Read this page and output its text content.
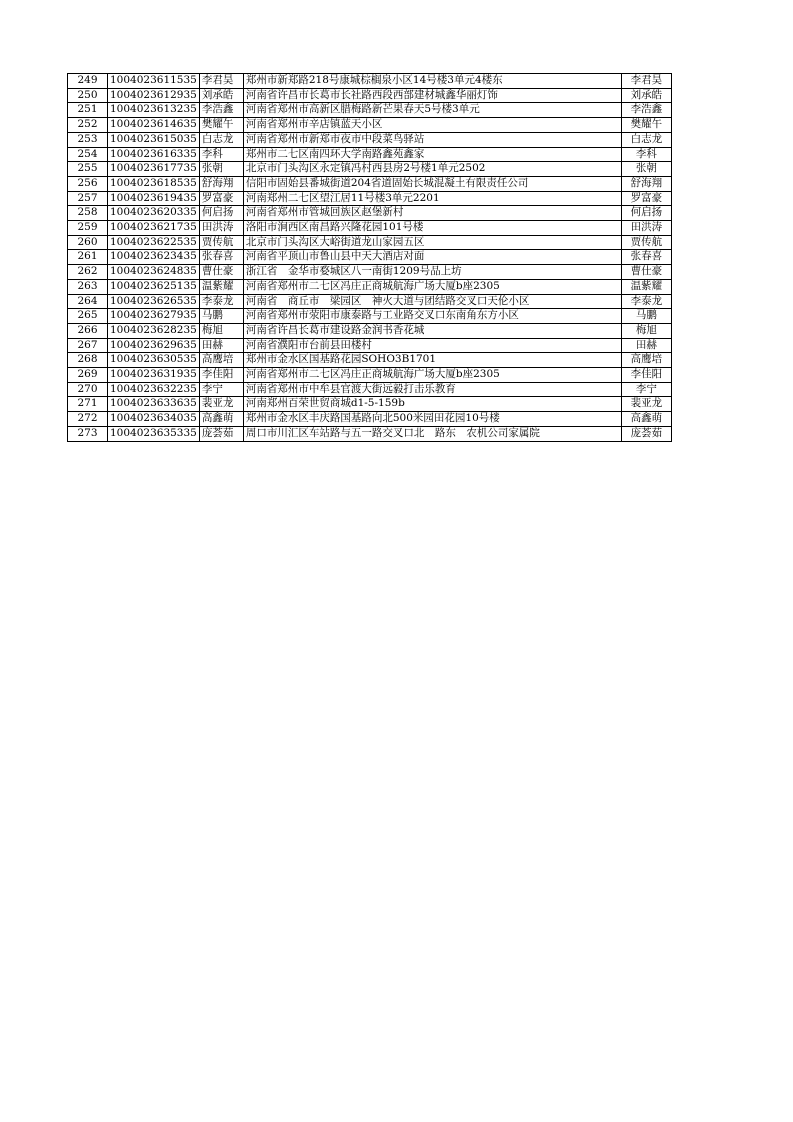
249	1004023611535	李君昊	郑州市新郑路218号康城棕榈泉小区14号楼3单元4楼东	李君昊
250	1004023612935	刘承皓	河南省许昌市长葛市长社路西段西部建材城鑫华丽灯饰	刘承皓
251	1004023613235	李浩鑫	河南省郑州市高新区腊梅路新芒果春天5号楼3单元	李浩鑫
252	1004023614635	樊耀午	河南省郑州市辛店镇蓝天小区	樊耀午
253	1004023615035	白志龙	河南省郑州市新郑市夜市中段菜鸟驿站	白志龙
254	1004023616335	李科	郑州市二七区南四环大学南路鑫苑鑫家	李科
255	1004023617735	张朝	北京市门头沟区永定镇冯村西县房2号楼1单元2502	张朝
256	1004023618535	舒海翔	信阳市固始县番城街道204省道固始长城混凝土有限责任公司	舒海翔
257	1004023619435	罗富豪	河南郑州二七区望江居11号楼3单元2201	罗富豪
258	1004023620335	何启扬	河南省郑州市管城回族区赵堡新村	何启扬
259	1004023621735	田洪涛	洛阳市涧西区南昌路兴隆花园101号楼	田洪涛
260	1004023622535	贾传航	北京市门头沟区大峪街道龙山家园五区	贾传航
261	1004023623435	张春喜	河南省平顶山市鲁山县中天大酒店对面	张春喜
262	1004023624835	曹仕豪	浙江省　金华市婺城区八一南街1209号品上坊	曹仕豪
263	1004023625135	温紫耀	河南省郑州市二七区冯庄正商城航海广场大厦b座2305	温紫耀
264	1004023626535	李泰龙	河南省　商丘市　梁园区　神火大道与团结路交叉口天伦小区	李泰龙
265	1004023627935	马鹏	河南省郑州市荥阳市康泰路与工业路交叉口东南角东方小区	马鹏
266	1004023628235	梅旭	河南省许昌长葛市建设路金润书香花城	梅旭
267	1004023629635	田赫	河南省濮阳市台前县田楼村	田赫
268	1004023630535	高鹰培	郑州市金水区国基路花园SOHO3B1701	高鹰培
269	1004023631935	李佳阳	河南省郑州市二七区冯庄正商城航海广场大厦b座2305	李佳阳
270	1004023632235	李宁	河南省郑州市中牟县官渡大街远毅打击乐教育	李宁
271	1004023633635	裴亚龙	河南郑州百荣世贸商城d1-5-159b	裴亚龙
272	1004023634035	高鑫萌	郑州市金水区丰庆路国基路向北500米园田花园10号楼	高鑫萌
273	1004023635335	庞荟茹	周口市川汇区车站路与五一路交叉口北　路东　农机公司家属院	庞荟茹
